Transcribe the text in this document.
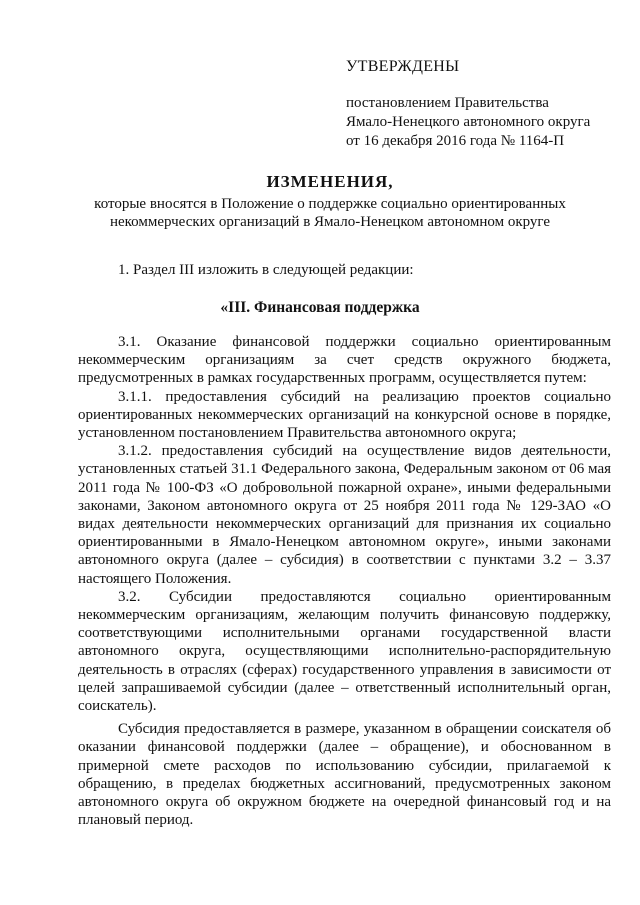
УТВЕРЖДЕНЫ
постановлением Правительства
Ямало-Ненецкого автономного округа
от 16 декабря 2016 года № 1164-П
ИЗМЕНЕНИЯ,
которые вносятся в Положение о поддержке социально ориентированных
некоммерческих организаций в Ямало-Ненецком автономном округе
1. Раздел III изложить в следующей редакции:
«III. Финансовая поддержка

3.1. Оказание финансовой поддержки социально ориентированным некоммерческим организациям за счет средств окружного бюджета, предусмотренных в рамках государственных программ, осуществляется путем:

3.1.1. предоставления субсидий на реализацию проектов социально ориентированных некоммерческих организаций на конкурсной основе в порядке, установленном постановлением Правительства автономного округа;

3.1.2. предоставления субсидий на осуществление видов деятельности, установленных статьей 31.1 Федерального закона, Федеральным законом от 06 мая 2011 года № 100-ФЗ «О добровольной пожарной охране», иными федеральными законами, Законом автономного округа от 25 ноября 2011 года № 129-ЗАО «О видах деятельности некоммерческих организаций для признания их социально ориентированными в Ямало-Ненецком автономном округе», иными законами автономного округа (далее – субсидия) в соответствии с пунктами 3.2 – 3.37 настоящего Положения.

3.2. Субсидии предоставляются социально ориентированным некоммерческим организациям, желающим получить финансовую поддержку, соответствующими исполнительными органами государственной власти автономного округа, осуществляющими исполнительно-распорядительную деятельность в отраслях (сферах) государственного управления в зависимости от целей запрашиваемой субсидии (далее – ответственный исполнительный орган, соискатель).

Субсидия предоставляется в размере, указанном в обращении соискателя об оказании финансовой поддержки (далее – обращение), и обоснованном в примерной смете расходов по использованию субсидии, прилагаемой к обращению, в пределах бюджетных ассигнований, предусмотренных законом автономного округа об окружном бюджете на очередной финансовый год и на плановый период.
